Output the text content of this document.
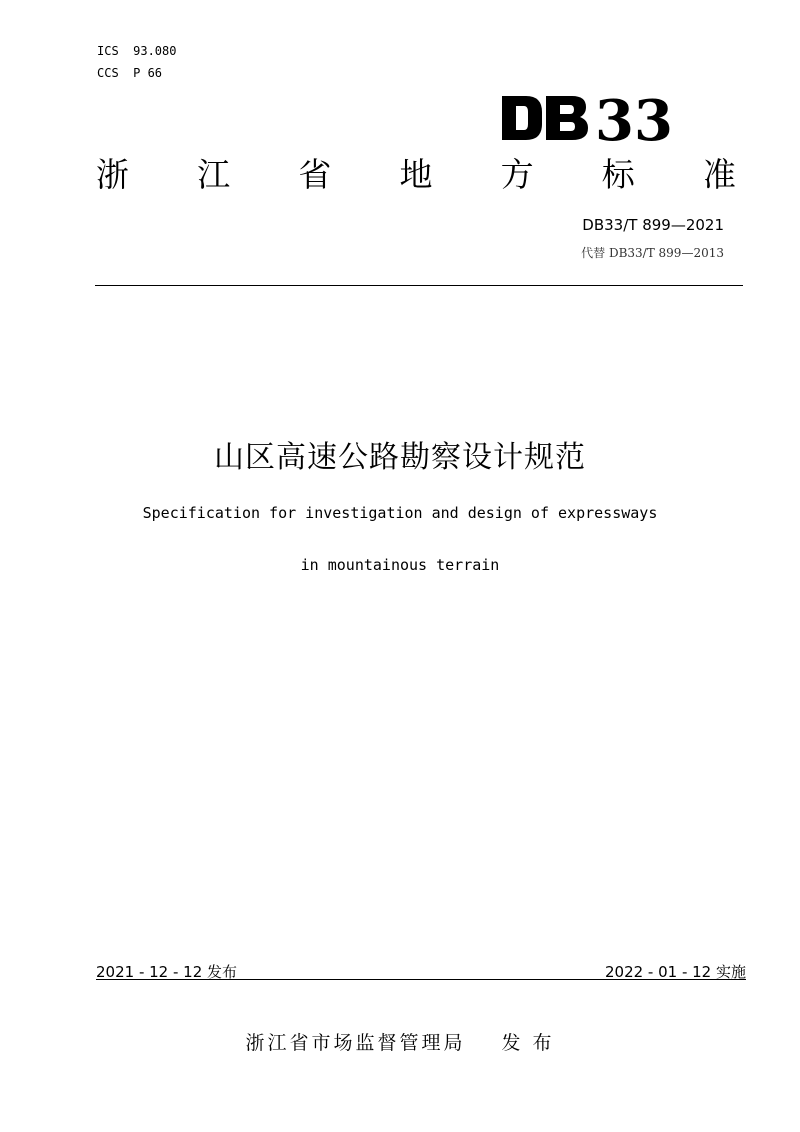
ICS  93.080
CCS  P 66
33
DB33
浙 江 省 地 方 标 准
DB33/T 899—2021
代替 DB33/T 899—2013
山区高速公路勘察设计规范
Specification for investigation and design of expressways
in mountainous terrain
2021 - 12 - 12 发布	2022 - 01 - 12 实施
浙江省市场监督管理局 发 布
